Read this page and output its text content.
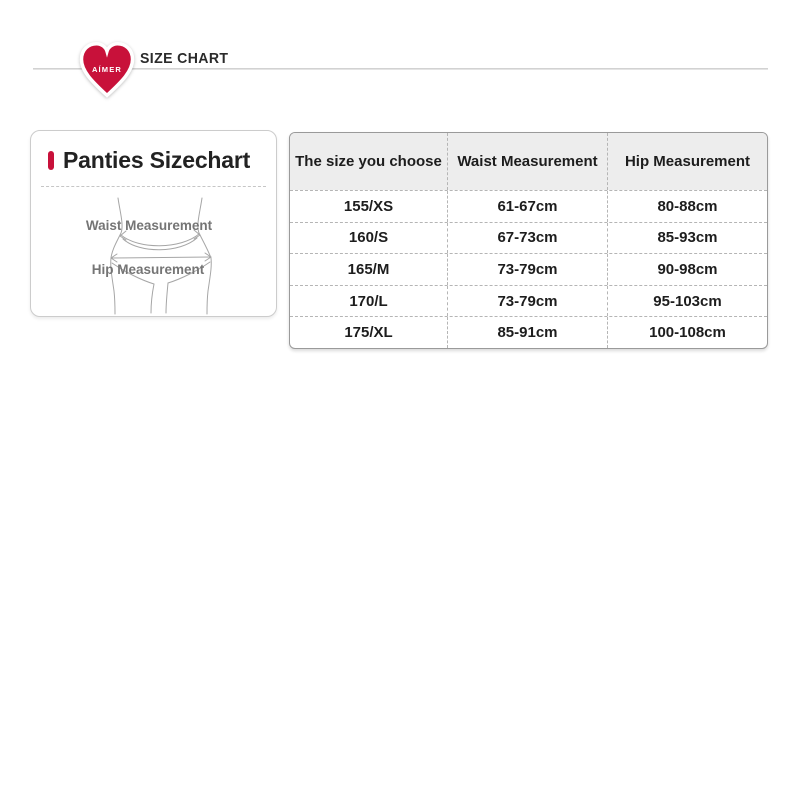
AÍMER
SIZE CHART
Panties Sizechart
Waist Measurement
Hip Measurement
The size you choose	Waist Measurement	Hip Measurement
155/XS	61-67cm	80-88cm
160/S	67-73cm	85-93cm
165/M	73-79cm	90-98cm
170/L	73-79cm	95-103cm
175/XL	85-91cm	100-108cm
